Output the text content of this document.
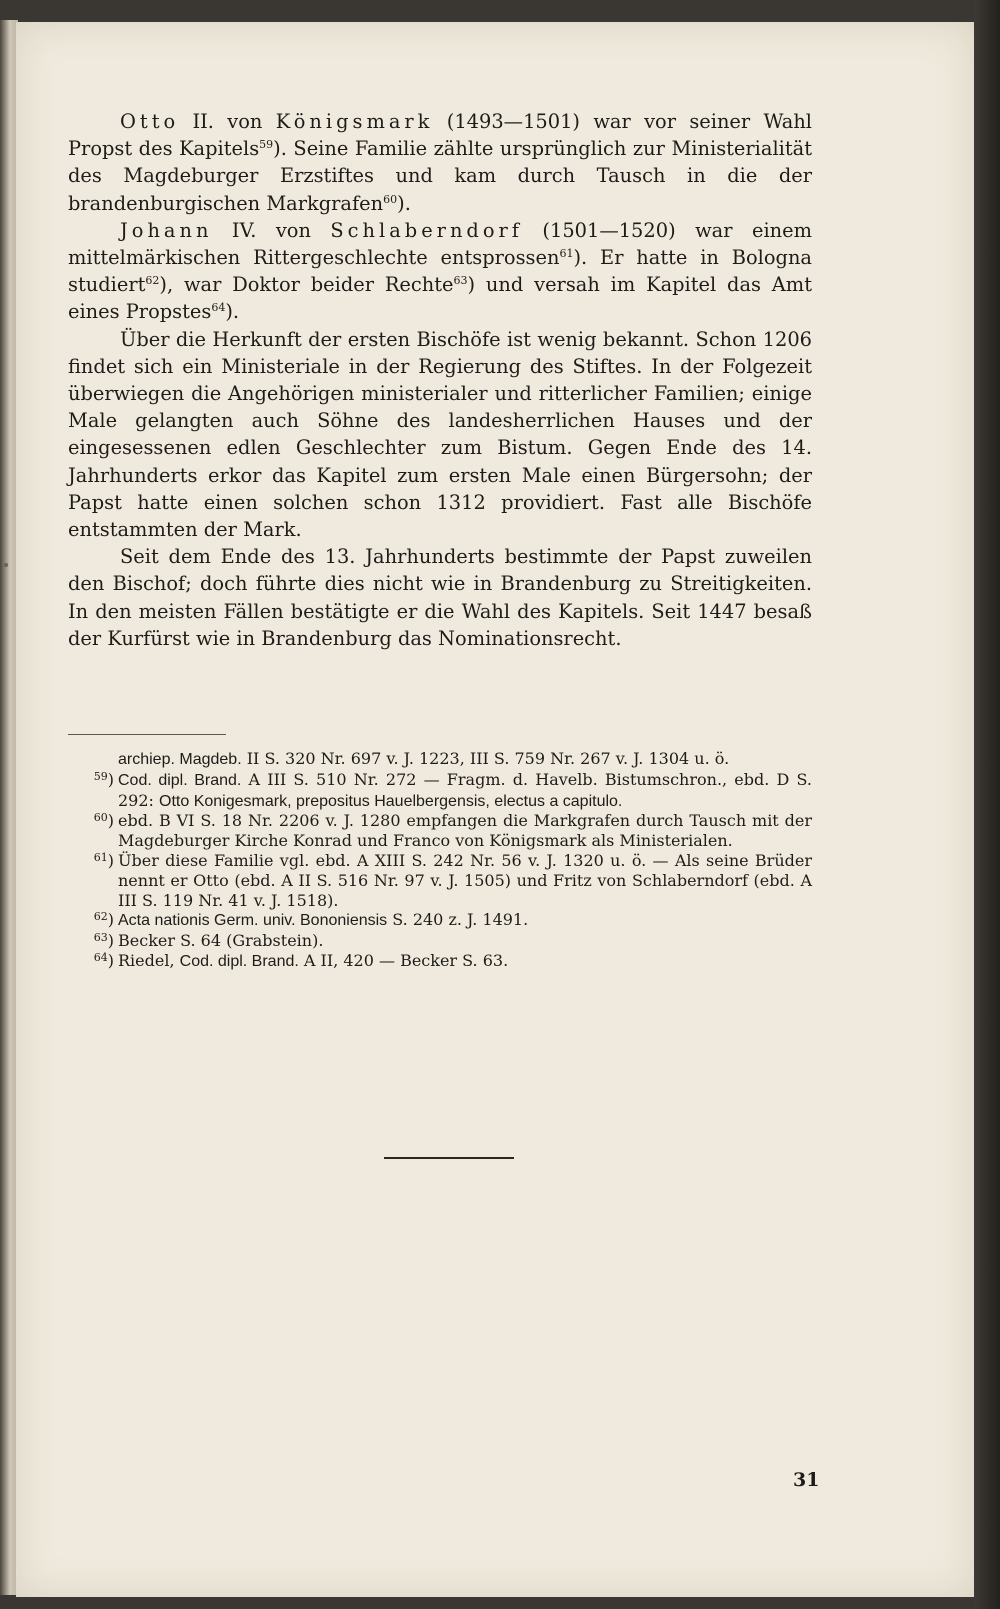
Otto II. von Königsmark (1493—1501) war vor seiner Wahl Propst des Kapitels$^{59}$). Seine Familie zählte ursprünglich zur Ministerialität des Magdeburger Erzstiftes und kam durch Tausch in die der brandenburgischen Markgrafen$^{60}$).

Johann IV. von Schlaberndorf (1501—1520) war einem mittelmärkischen Rittergeschlechte entsprossen$^{61}$). Er hatte in Bologna studiert$^{62}$), war Doktor beider Rechte$^{63}$) und versah im Kapitel das Amt eines Propstes$^{64}$).

Über die Herkunft der ersten Bischöfe ist wenig bekannt. Schon 1206 findet sich ein Ministeriale in der Regierung des Stiftes. In der Folgezeit überwiegen die Angehörigen ministerialer und ritterlicher Familien; einige Male gelangten auch Söhne des landesherrlichen Hauses und der eingesessenen edlen Geschlechter zum Bistum. Gegen Ende des 14. Jahrhunderts erkor das Kapitel zum ersten Male einen Bürgersohn; der Papst hatte einen solchen schon 1312 providiert. Fast alle Bischöfe entstammten der Mark.

Seit dem Ende des 13. Jahrhunderts bestimmte der Papst zuweilen den Bischof; doch führte dies nicht wie in Brandenburg zu Streitigkeiten. In den meisten Fällen bestätigte er die Wahl des Kapitels. Seit 1447 besaß der Kurfürst wie in Brandenburg das Nominationsrecht.

archiep. Magdeb. II S. 320 Nr. 697 v. J. 1223, III S. 759 Nr. 267 v. J. 1304 u. ö.
$^{59}$) Cod. dipl. Brand. A III S. 510 Nr. 272 — Fragm. d. Havelb. Bistumschron., ebd. D S. 292: Otto Konigesmark, prepositus Hauelbergensis, electus a capitulo.
$^{60}$) ebd. B VI S. 18 Nr. 2206 v. J. 1280 empfangen die Markgrafen durch Tausch mit der Magdeburger Kirche Konrad und Franco von Königsmark als Ministerialen.
$^{61}$) Über diese Familie vgl. ebd. A XIII S. 242 Nr. 56 v. J. 1320 u. ö. — Als seine Brüder nennt er Otto (ebd. A II S. 516 Nr. 97 v. J. 1505) und Fritz von Schlaberndorf (ebd. A III S. 119 Nr. 41 v. J. 1518).
$^{62}$) Acta nationis Germ. univ. Bononiensis S. 240 z. J. 1491.
$^{63}$) Becker S. 64 (Grabstein).
$^{64}$) Riedel, Cod. dipl. Brand. A II, 420 — Becker S. 63.
31
